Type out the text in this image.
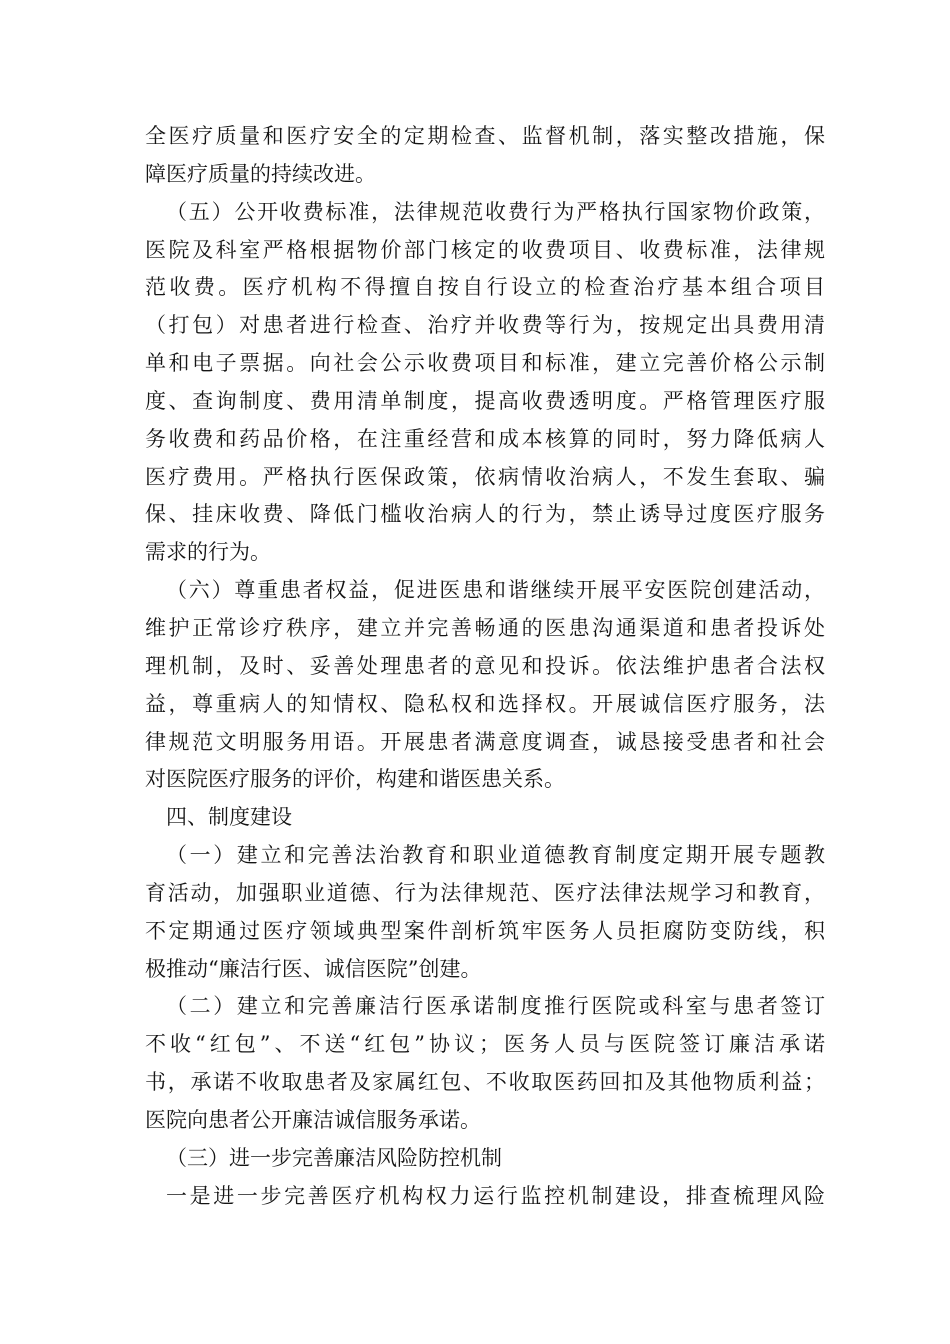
全医疗质量和医疗安全的定期检查、监督机制，落实整改措施，保
障医疗质量的持续改进。
（五）公开收费标准，法律规范收费行为严格执行国家物价政策，
医院及科室严格根据物价部门核定的收费项目、收费标准，法律规
范收费。医疗机构不得擅自按自行设立的检查治疗基本组合项目
（打包）对患者进行检查、治疗并收费等行为，按规定出具费用清
单和电子票据。向社会公示收费项目和标准，建立完善价格公示制
度、查询制度、费用清单制度，提高收费透明度。严格管理医疗服
务收费和药品价格，在注重经营和成本核算的同时，努力降低病人
医疗费用。严格执行医保政策，依病情收治病人，不发生套取、骗
保、挂床收费、降低门槛收治病人的行为，禁止诱导过度医疗服务
需求的行为。
（六）尊重患者权益，促进医患和谐继续开展平安医院创建活动，
维护正常诊疗秩序，建立并完善畅通的医患沟通渠道和患者投诉处
理机制，及时、妥善处理患者的意见和投诉。依法维护患者合法权
益，尊重病人的知情权、隐私权和选择权。开展诚信医疗服务，法
律规范文明服务用语。开展患者满意度调查，诚恳接受患者和社会
对医院医疗服务的评价，构建和谐医患关系。
四、制度建设
（一）建立和完善法治教育和职业道德教育制度定期开展专题教
育活动，加强职业道德、行为法律规范、医疗法律法规学习和教育，
不定期通过医疗领域典型案件剖析筑牢医务人员拒腐防变防线，积
极推动“廉洁行医、诚信医院”创建。
（二）建立和完善廉洁行医承诺制度推行医院或科室与患者签订
不收“红包”、不送“红包”协议；医务人员与医院签订廉洁承诺
书，承诺不收取患者及家属红包、不收取医药回扣及其他物质利益；
医院向患者公开廉洁诚信服务承诺。
（三）进一步完善廉洁风险防控机制
一是进一步完善医疗机构权力运行监控机制建设，排查梳理风险
